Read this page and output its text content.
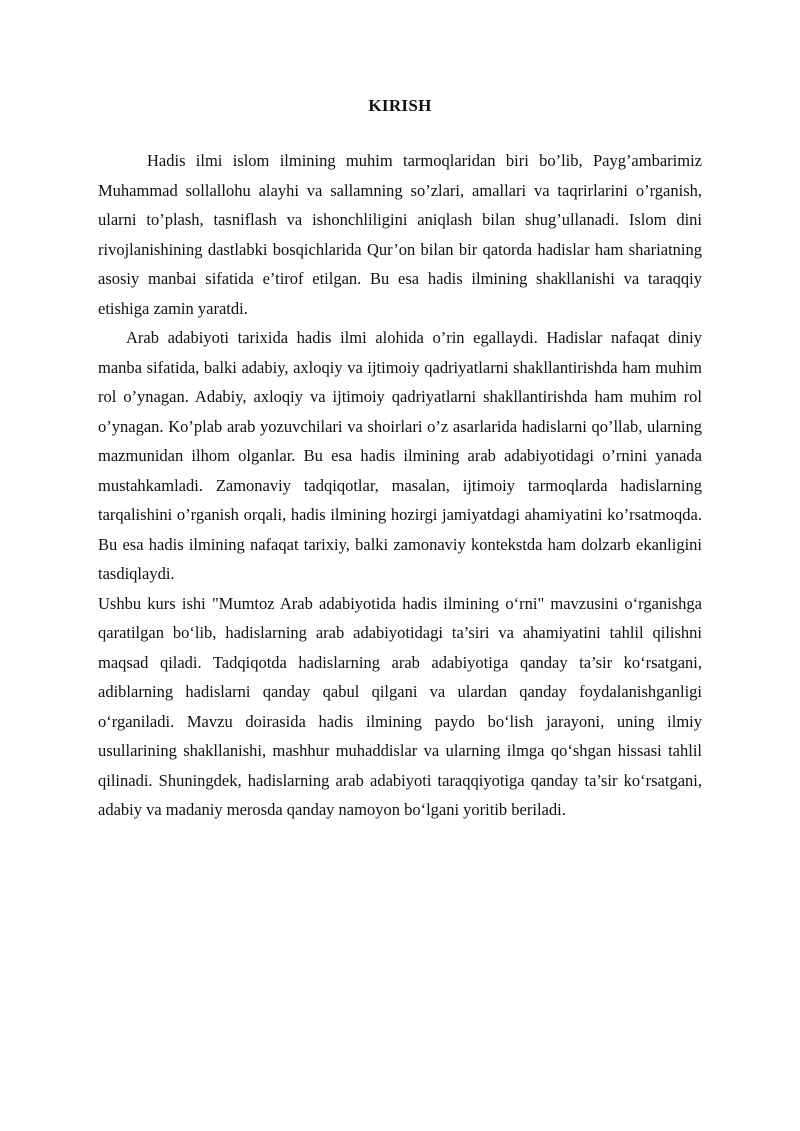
KIRISH

Hadis ilmi islom ilmining muhim tarmoqlaridan biri bo’lib, Payg’ambarimiz Muhammad sollallohu alayhi va sallamning so’zlari, amallari va taqrirlarini o’rganish, ularni to’plash, tasniflash va ishonchliligini aniqlash bilan shug’ullanadi. Islom dini rivojlanishining dastlabki bosqichlarida Qur’on bilan bir qatorda hadislar ham shariatning asosiy manbai sifatida e’tirof etilgan. Bu esa hadis ilmining shakllanishi va taraqqiy etishiga zamin yaratdi.

Arab adabiyoti tarixida hadis ilmi alohida o’rin egallaydi. Hadislar nafaqat diniy manba sifatida, balki adabiy, axloqiy va ijtimoiy qadriyatlarni shakllantirishda ham muhim rol o’ynagan. Adabiy, axloqiy va ijtimoiy qadriyatlarni shakllantirishda ham muhim rol o’ynagan. Ko’plab arab yozuvchilari va shoirlari o’z asarlarida hadislarni qo’llab, ularning mazmunidan ilhom olganlar. Bu esa hadis ilmining arab adabiyotidagi o’rnini yanada mustahkamladi. Zamonaviy tadqiqotlar, masalan, ijtimoiy tarmoqlarda hadislarning tarqalishini o’rganish orqali, hadis ilmining hozirgi jamiyatdagi ahamiyatini ko’rsatmoqda. Bu esa hadis ilmining nafaqat tarixiy, balki zamonaviy kontekstda ham dolzarb ekanligini tasdiqlaydi.

Ushbu kurs ishi "Mumtoz Arab adabiyotida hadis ilmining o‘rni" mavzusini o‘rganishga qaratilgan bo‘lib, hadislarning arab adabiyotidagi ta’siri va ahamiyatini tahlil qilishni maqsad qiladi. Tadqiqotda hadislarning arab adabiyotiga qanday ta’sir ko‘rsatgani, adiblarning hadislarni qanday qabul qilgani va ulardan qanday foydalanishganligi o‘rganiladi. Mavzu doirasida hadis ilmining paydo bo‘lish jarayoni, uning ilmiy usullarining shakllanishi, mashhur muhaddislar va ularning ilmga qo‘shgan hissasi tahlil qilinadi. Shuningdek, hadislarning arab adabiyoti taraqqiyotiga qanday ta’sir ko‘rsatgani, adabiy va madaniy merosda qanday namoyon bo‘lgani yoritib beriladi.
